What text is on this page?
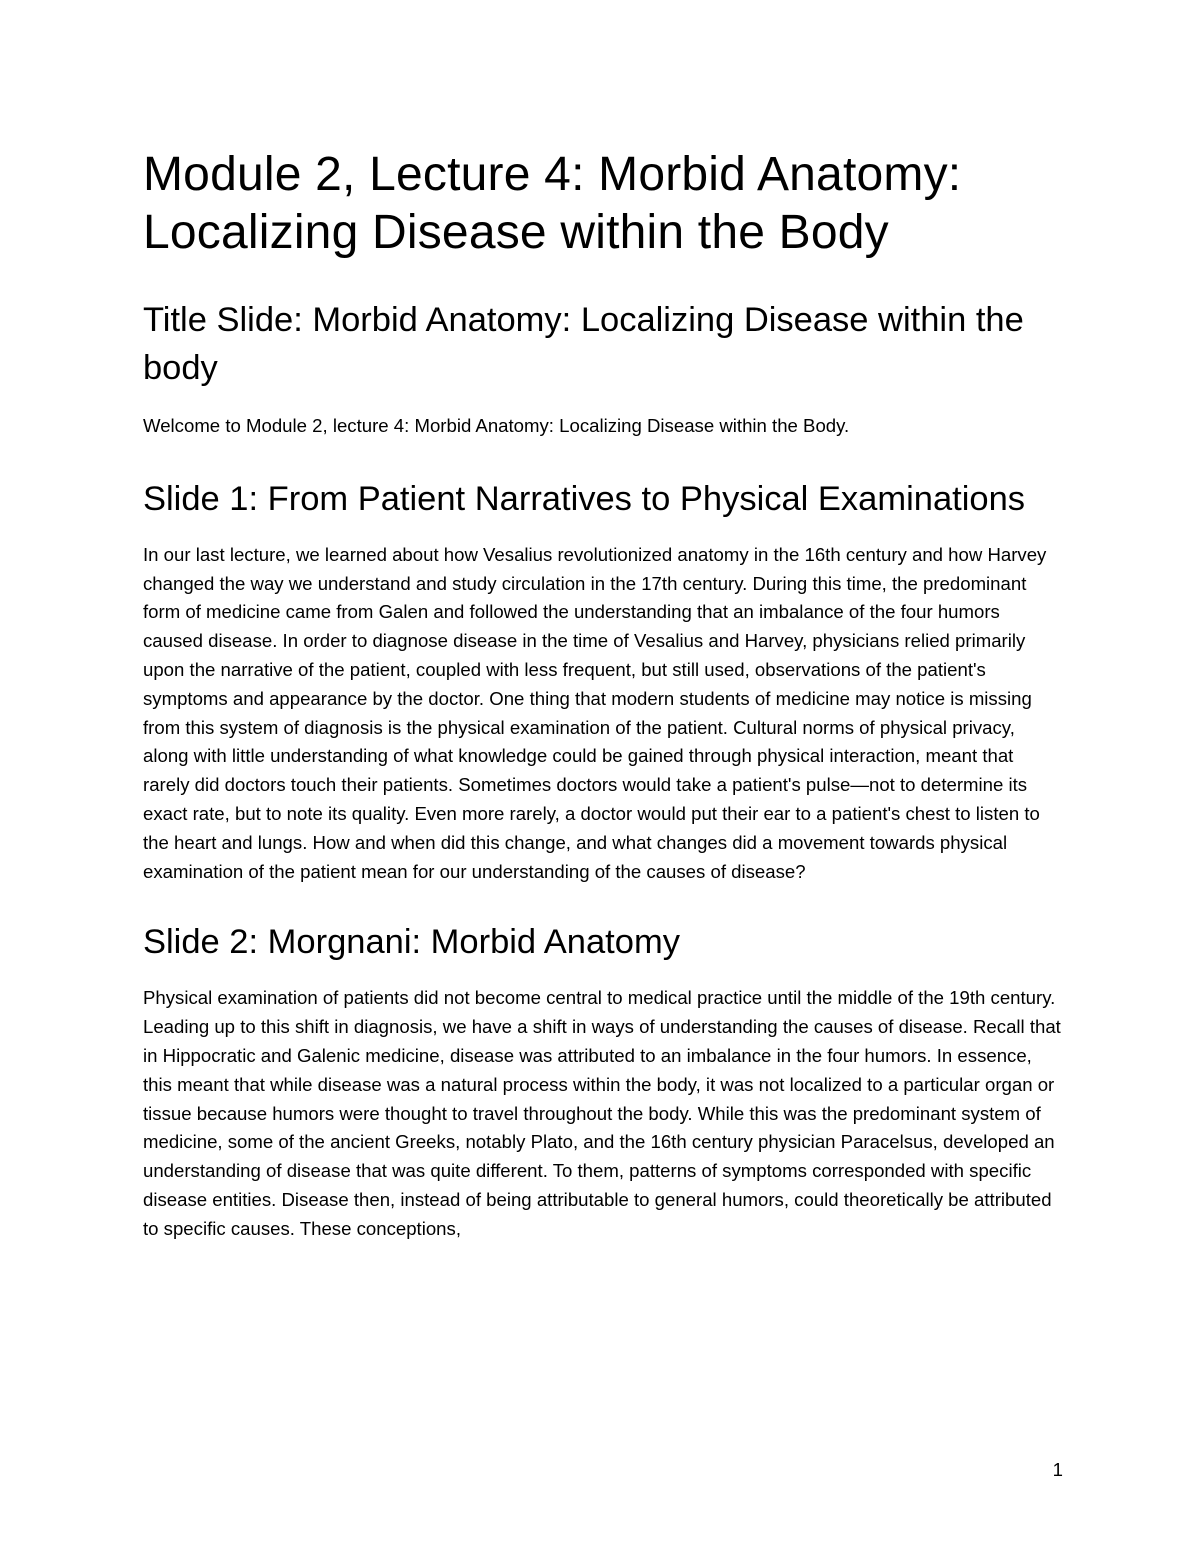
Module 2, Lecture 4: Morbid Anatomy: Localizing Disease within the Body
Title Slide: Morbid Anatomy: Localizing Disease within the body

Welcome to Module 2, lecture 4: Morbid Anatomy: Localizing Disease within the Body.

Slide 1: From Patient Narratives to Physical Examinations

In our last lecture, we learned about how Vesalius revolutionized anatomy in the 16th century and how Harvey changed the way we understand and study circulation in the 17th century. During this time, the predominant form of medicine came from Galen and followed the understanding that an imbalance of the four humors caused disease. In order to diagnose disease in the time of Vesalius and Harvey, physicians relied primarily upon the narrative of the patient, coupled with less frequent, but still used, observations of the patient's symptoms and appearance by the doctor. One thing that modern students of medicine may notice is missing from this system of diagnosis is the physical examination of the patient. Cultural norms of physical privacy, along with little understanding of what knowledge could be gained through physical interaction, meant that rarely did doctors touch their patients. Sometimes doctors would take a patient's pulse—not to determine its exact rate, but to note its quality. Even more rarely, a doctor would put their ear to a patient's chest to listen to the heart and lungs. How and when did this change, and what changes did a movement towards physical examination of the patient mean for our understanding of the causes of disease?

Slide 2: Morgnani: Morbid Anatomy

Physical examination of patients did not become central to medical practice until the middle of the 19th century. Leading up to this shift in diagnosis, we have a shift in ways of understanding the causes of disease. Recall that in Hippocratic and Galenic medicine, disease was attributed to an imbalance in the four humors. In essence, this meant that while disease was a natural process within the body, it was not localized to a particular organ or tissue because humors were thought to travel throughout the body. While this was the predominant system of medicine, some of the ancient Greeks, notably Plato, and the 16th century physician Paracelsus, developed an understanding of disease that was quite different. To them, patterns of symptoms corresponded with specific disease entities. Disease then, instead of being attributable to general humors, could theoretically be attributed to specific causes. These conceptions,

1
